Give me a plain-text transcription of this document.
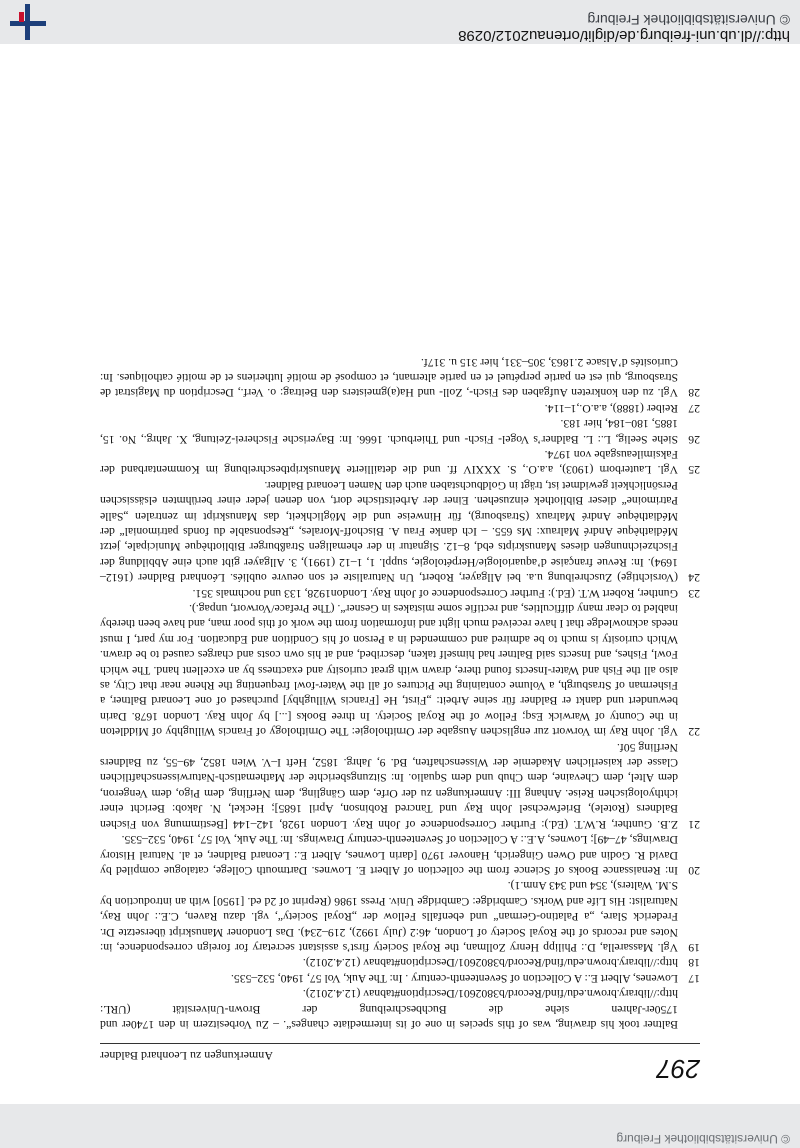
© Universitätsbibliothek Freiburg
297
Anmerkungen zu Leonhard Baldner
Baltner took his drawing, was of this species in one of its intermediate changes“. – Zu Vorbesitzern in den 1740er und 1750er-Jahren siehe die Buchbeschreibung der Brown-Universität (URL: http://library.brown.edu/find/Record/b3802601/Description#tabnav (12.4.2012).
17
Lowenes, Albert E.: A Collection of Seventeenth-century . In: The Auk, Vol 57, 1940, 532–535.
18
http://library.brown.edu/find/Record/b3802601/Description#tabnav (12.4.2012).
19
Vgl. Massarella, D.: Philipp Henry Zollman, the Royal Society first’s assistant secretary for foreign correspondence, in: Notes and records of the Royal Society of London, 46:2 (July 1992), 219–234). Das Londoner Manuskript übersetzte Dr. Frederick Slare, „a Palatino-German“ und ebenfalls Fellow der „Royal Society“, vgl. dazu Raven, C.E.: John Ray, Naturalist: His Life and Works. Cambridge: Cambridge Univ. Press 1986 (Reprint of 2d ed. [1950] with an introduction by S.M. Walters), 354 und 343 Anm.1).
20
In: Renaissance Books of Science from the collection of Albert E. Lownes. Dartmouth College, catalogue compiled by David R. Godin and Owen Gingerich, Hanover 1970 [darin Lownes, Albert E.: Leonard Baldner, et al. Natural History Drawings, 47–49]; Lownes, A.E.: A Collection of Seventeenth-century Drawings. In: The Auk, Vol 57, 1940, 532–535.
21
Z.B. Gunther, R.W.T. (Ed.): Further Correspondence of John Ray. London 1928, 142–144 [Bestimmung von Fischen Baldners (Rotele), Briefwechsel John Ray und Tancred Robinson, April 1685]; Heckel, N. Jakob: Bericht einer ichthyologischen Reise. Anhang III: Anmerkungen zu der Orfe, dem Gängling, dem Nerfling, dem Pigo, dem Vengeron, dem Altel, dem Chevaine, dem Chub und dem Squalio. In: Sitzungsberichte der Mathematisch-Naturwissenschaftlichen Classe der kaiserlichen Akademie der Wissenschaften, Bd. 9, Jahrg. 1852, Heft I–V. Wien 1852, 49–55, zu Baldners Nerfling 50f.
22
Vgl. John Ray im Vorwort zur englischen Ausgabe der Ornithologie: The Ornithology of Francis Willughby of Middleton in the County of Warwick Esq; Fellow of the Royal Society. In three Books [...] by John Ray. London 1678. Darin bewundert und dankt er Baldner für seine Arbeit: „First, He [Francis Willughby] purchased of one Leonard Baltner, a Fisherman of Strasburgh, a Volume containing the Pictures of all the Water-fowl frequenting the Rhene near that City, as also all the Fish and Water-Insects found there, drawn with great curiosity and exactness by an excellent hand. The which Fowl, Fishes, and Insects said Baltner had himself taken, described, and at his own costs and charges caused to be drawn. Which curiosity is much to be admired and commended in a Person of his Condition and Education. For my part, I must needs acknowledge that I have received much light and information from the work of this poor man, and have been thereby inabled to clear many difficulties, and rectifie some mistakes in Gesner“. (The Preface/Vorwort, unpag.).
23
Gunther, Robert W.T. (Ed.): Further Correspondence of John Ray. London1928, 133 und nochmals 351.
24
(Vorsichtige) Zuschreibung u.a. bei Allgayer, Robert, Un Naturaliste et son oeuvre oubliés. Léonhard Baldner (1612–1694). In: Revue française d’aquariologie/Herpétologie, suppl. 1, 1–12 (1991), 3. Allgayer gibt auch eine Abbildung der Fischzeichnungen dieses Manuskripts ebd, 8–12. Signatur in der ehemaligen Straßburger Bibliothèque Municipale, jetzt Médiathèque André Malraux: Ms 655. – Ich danke Frau A. Bischoff-Morales, „Responsable du fonds patrimonial“ der Médiathèque André Malraux (Strasbourg), für Hinweise und die Möglichkeit, das Manuskript im zentralen „Salle Patrimoine“ dieser Bibliothek einzusehen. Einer der Arbeitstische dort, von denen jeder einer berühmten elsässischen Persönlichkeit gewidmet ist, trägt in Goldbuchstaben auch den Namen Leonard Baldner.
25
Vgl. Lauterborn (1903), a.a.O., S. XXXIV ff. und die detaillierte Manuskriptbeschreibung im Kommentarband der Faksimileausgabe von 1974.
26
Siehe Seelig, L.: L. Baldner’s Vogel- Fisch- und Thierbuch. 1666. In: Bayerische Fischerei-Zeitung, X. Jahrg., No. 15, 1885, 180–184, hier 183.
27
Reiber (1888), a.a.O.,1–114.
28
Vgl. zu den konkreten Aufgaben des Fisch-, Zoll- und Ha(a)gmeisters den Beitrag: o. Verf., Description du Magistrat de Strasbourg, qui est en partie perpétuel et en partie alternant, et composé de moitié lutheriens et de moitié catholiques. In: Curiosités d’Alsace 2.1863, 305–331, hier 315 u. 317f.
http://dl.ub.uni-freiburg.de/diglit/ortenau2012/0298
© Universitätsbibliothek Freiburg
